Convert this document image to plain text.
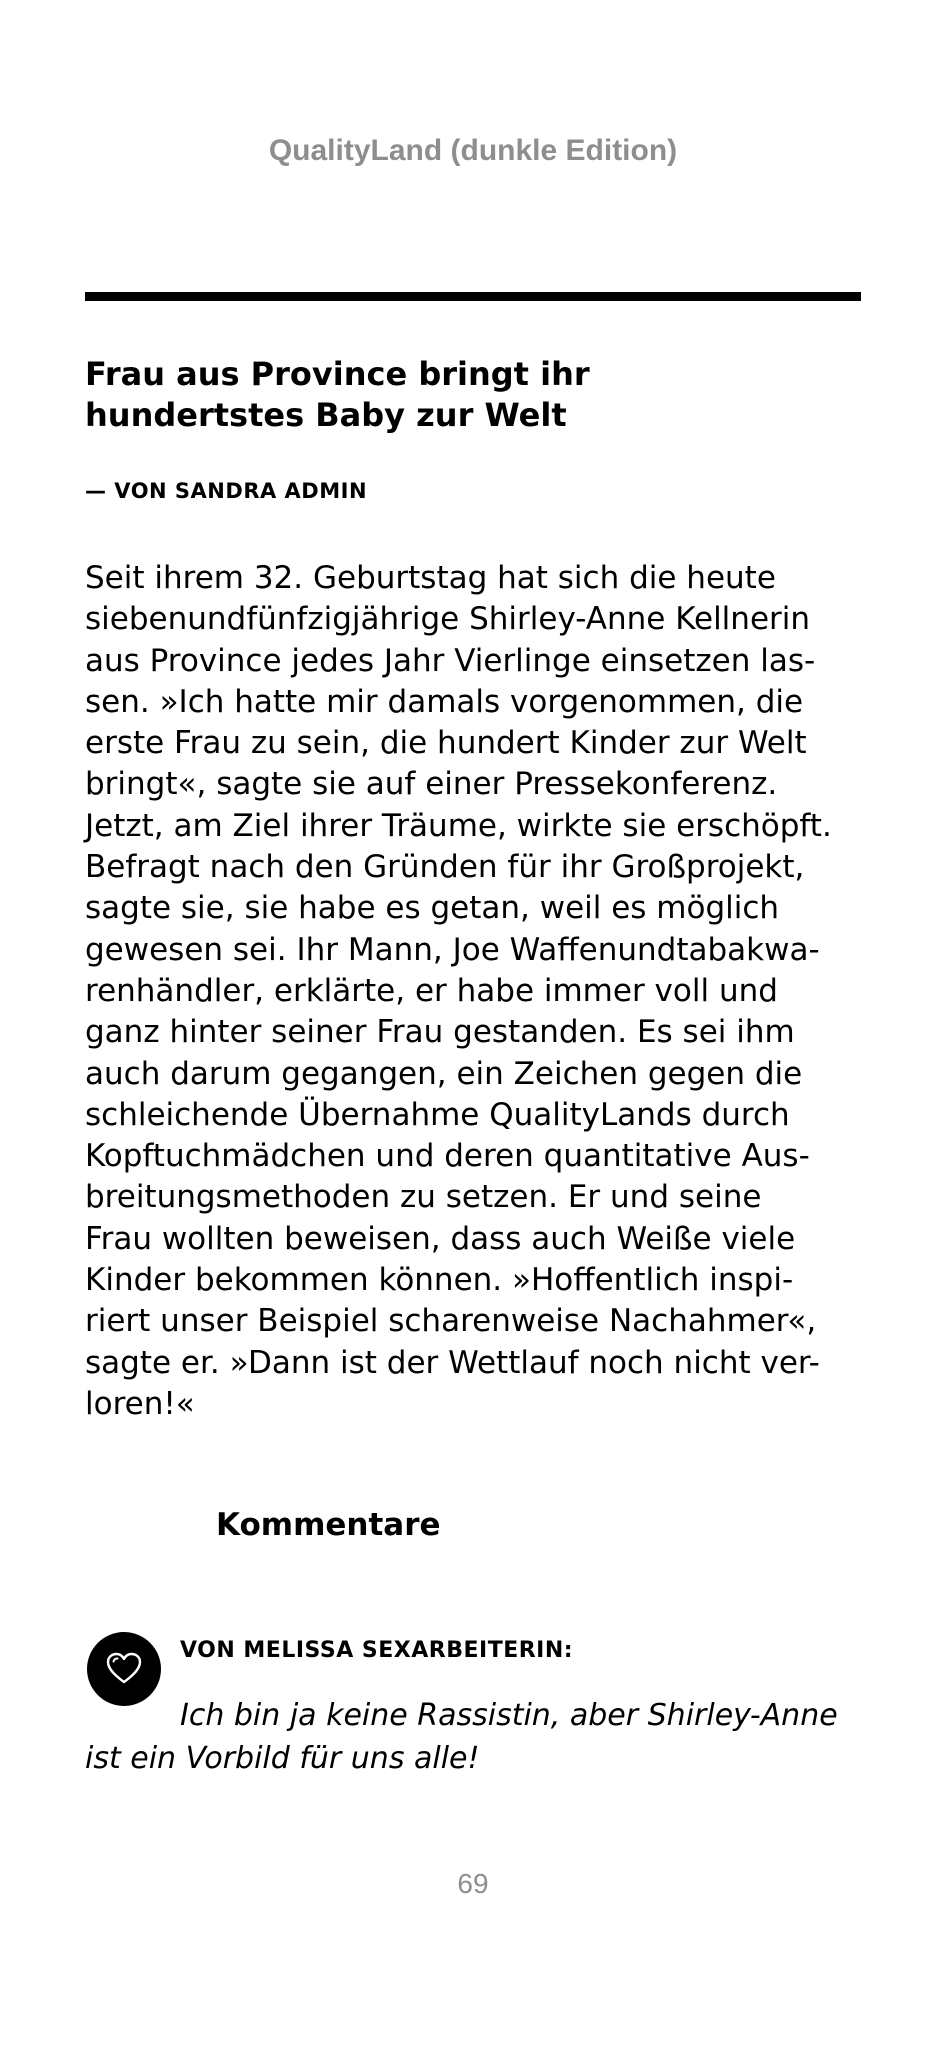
QualityLand (dunkle Edition)
Frau aus Province bringt ihr
hundertstes Baby zur Welt
— VON SANDRA ADMIN

Seit ihrem 32. Geburtstag hat sich die heute
siebenundfünfzigjährige Shirley-Anne Kellnerin
aus Province jedes Jahr Vierlinge einsetzen las-
sen. »Ich hatte mir damals vorgenommen, die
erste Frau zu sein, die hundert Kinder zur Welt
bringt«, sagte sie auf einer Pressekonferenz.
Jetzt, am Ziel ihrer Träume, wirkte sie erschöpft.
Befragt nach den Gründen für ihr Großprojekt,
sagte sie, sie habe es getan, weil es möglich
gewesen sei. Ihr Mann, Joe Waffenundtabakwa-
renhändler, erklärte, er habe immer voll und
ganz hinter seiner Frau gestanden. Es sei ihm
auch darum gegangen, ein Zeichen gegen die
schleichende Übernahme QualityLands durch
Kopftuchmädchen und deren quantitative Aus-
breitungsmethoden zu setzen. Er und seine
Frau wollten beweisen, dass auch Weiße viele
Kinder bekommen können. »Hoffentlich inspi-
riert unser Beispiel scharenweise Nachahmer«,
sagte er. »Dann ist der Wettlauf noch nicht ver-
loren!«

Kommentare
VON MELISSA SEXARBEITERIN:

Ich bin ja keine Rassistin, aber Shirley-Anne
ist ein Vorbild für uns alle!

69
